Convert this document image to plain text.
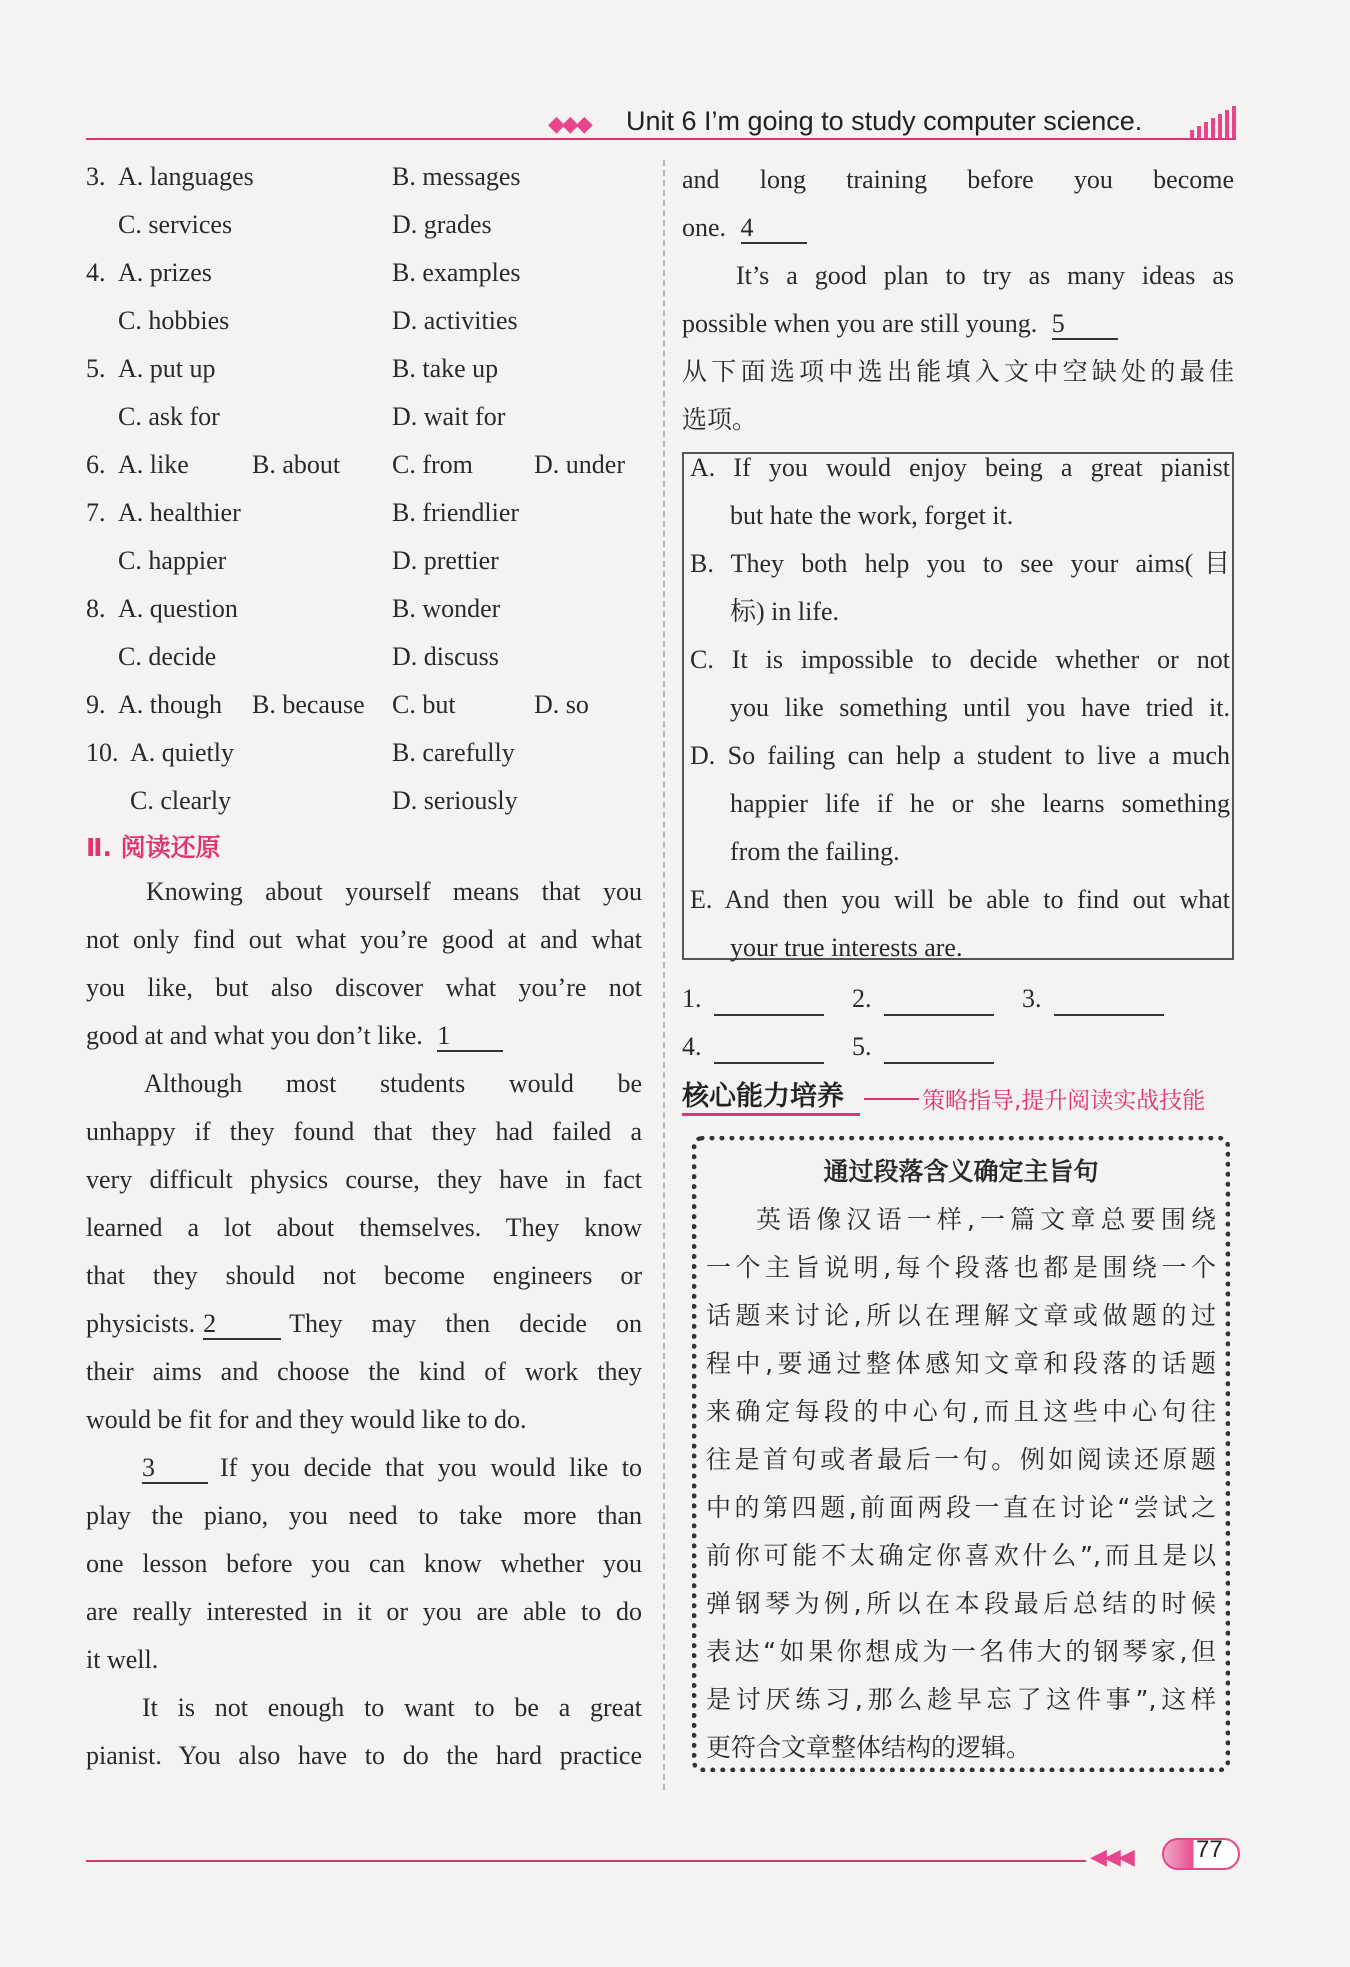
◆◆◆ Unit 6 I’m going to study computer science.
3. A. languages	B. messages
C. services	D. grades
4. A. prizes	B. examples
C. hobbies	D. activities
5. A. put up	B. take up
C. ask for	D. wait for
6. A. like B. about C. from D. under
7. A. healthier	B. friendlier
C. happier	D. prettier
8. A. question	B. wonder
C. decide	D. discuss
9. A. though B. because C. but	D. so
10. A. quietly	B. carefully
C. clearly	D. seriously
Ⅱ. 阅读还原
Knowing about yourself means that you
not only find out what you’re good at and what
you like, but also discover what you’re not
good at and what you don’t like. 1
Although most students would be
unhappy if they found that they had failed a
very difficult physics course, they have in fact
learned a lot about themselves. They know
that they should not become engineers or
physicists. 2	They may then decide on
their aims and choose the kind of work they
would be fit for and they would like to do.
3	If you decide that you would like to
play the piano, you need to take more than
one lesson before you can know whether you
are really interested in it or you are able to do
it well.
It is not enough to want to be a great
pianist. You also have to do the hard practice
and long training before you become
one. 4
It’s a good plan to try as many ideas as
possible when you are still young. 5
从下面选项中选出能填入文中空缺处的最佳
选项。
A. If you would enjoy being a great pianist
but hate the work, forget it.
B. They both help you to see your aims(目
标) in life.
C. It is impossible to decide whether or not
you like something until you have tried it.
D. So failing can help a student to live a much
happier life if he or she learns something
from the failing.
E. And then you will be able to find out what
your true interests are.
1.	2.	3.
4.	5.
核心能力培养	策略指导,提升阅读实战技能
通过段落含义确定主旨句
英语像汉语一样,一篇文章总要围绕
一个主旨说明,每个段落也都是围绕一个
话题来讨论,所以在理解文章或做题的过
程中,要通过整体感知文章和段落的话题
来确定每段的中心句,而且这些中心句往
往是首句或者最后一句。例如阅读还原题
中的第四题,前面两段一直在讨论“尝试之
前你可能不太确定你喜欢什么”,而且是以
弹钢琴为例,所以在本段最后总结的时候
表达“如果你想成为一名伟大的钢琴家,但
是讨厌练习,那么趁早忘了这件事”,这样
更符合文章整体结构的逻辑。
◀◀◀	77
